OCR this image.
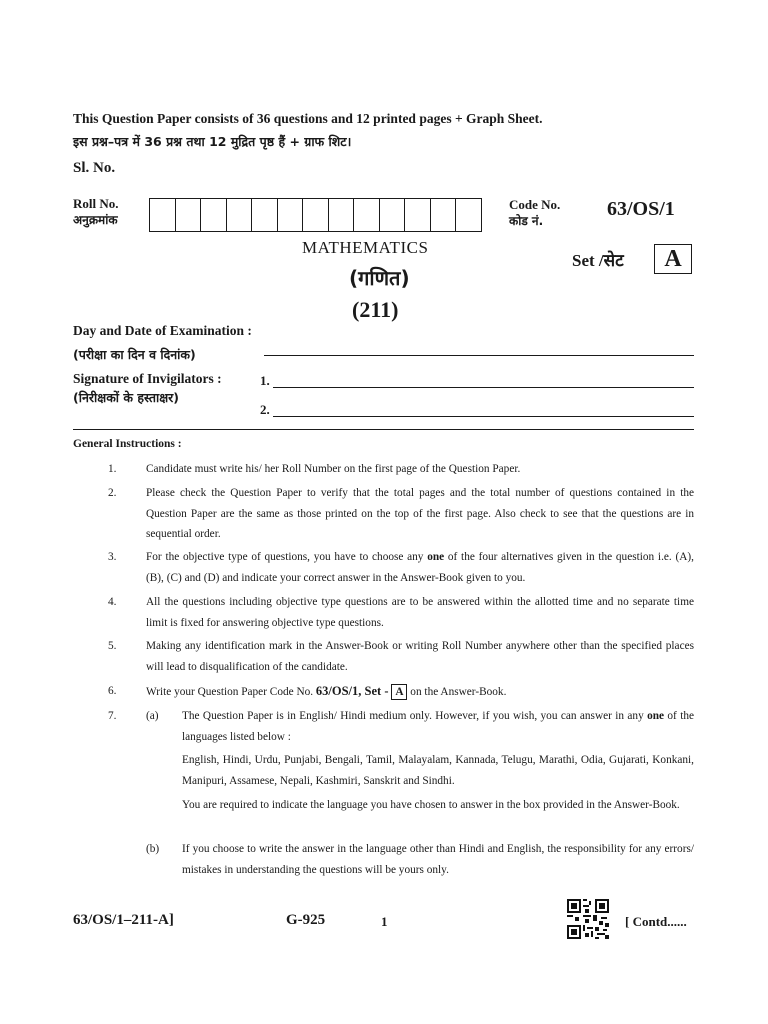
This Question Paper consists of 36 questions and 12 printed pages + Graph Sheet.
इस प्रश्न–पत्र में 36 प्रश्न तथा 12 मुद्रित पृष्ठ हैं + ग्राफ शिट।
Sl. No.
Roll No.
अनुक्रमांक
Code No.
कोड नं.
63/OS/1
MATHEMATICS
(गणित)
(211)
Set /सेट	A
Day and Date of Examination :
(परीक्षा का दिन व दिनांक)
Signature of Invigilators :
(निरीक्षकों के हस्ताक्षर)
1.
2.
General Instructions :
1.	Candidate must write his/ her Roll Number on the first page of the Question Paper.
2.	Please check the Question Paper to verify that the total pages and the total number of questions contained in the Question Paper are the same as those printed on the top of the first page. Also check to see that the questions are in sequential order.
3.	For the objective type of questions, you have to choose any one of the four alternatives given in the question i.e. (A), (B), (C) and (D) and indicate your correct answer in the Answer-Book given to you.
4.	All the questions including objective type questions are to be answered within the allotted time and no separate time limit is fixed for answering objective type questions.
5.	Making any identification mark in the Answer-Book or writing Roll Number anywhere other than the specified places will lead to disqualification of the candidate.
6.	Write your Question Paper Code No. 63/OS/1, Set - A on the Answer-Book.
7.	(a) The Question Paper is in English/ Hindi medium only. However, if you wish, you can answer in any one of the languages listed below :
English, Hindi, Urdu, Punjabi, Bengali, Tamil, Malayalam, Kannada, Telugu, Marathi, Odia, Gujarati, Konkani, Manipuri, Assamese, Nepali, Kashmiri, Sanskrit and Sindhi.
You are required to indicate the language you have chosen to answer in the box provided in the Answer-Book.
(b) If you choose to write the answer in the language other than Hindi and English, the responsibility for any errors/ mistakes in understanding the questions will be yours only.
63/OS/1–211-A]	G-925	1	[ Contd......
